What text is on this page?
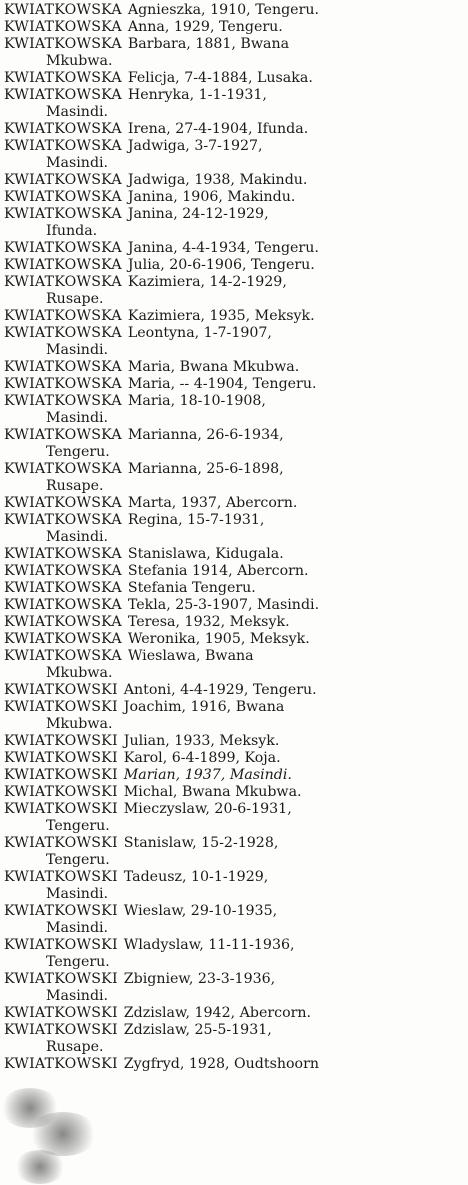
KWIATKOWSKA Agnieszka, 1910, Tengeru.
KWIATKOWSKA Anna, 1929, Tengeru.
KWIATKOWSKA Barbara, 1881, Bwana
Mkubwa.
KWIATKOWSKA Felicja, 7-4-1884, Lusaka.
KWIATKOWSKA Henryka, 1-1-1931,
Masindi.
KWIATKOWSKA Irena, 27-4-1904, Ifunda.
KWIATKOWSKA Jadwiga, 3-7-1927,
Masindi.
KWIATKOWSKA Jadwiga, 1938, Makindu.
KWIATKOWSKA Janina, 1906, Makindu.
KWIATKOWSKA Janina, 24-12-1929,
Ifunda.
KWIATKOWSKA Janina, 4-4-1934, Tengeru.
KWIATKOWSKA Julia, 20-6-1906, Tengeru.
KWIATKOWSKA Kazimiera, 14-2-1929,
Rusape.
KWIATKOWSKA Kazimiera, 1935, Meksyk.
KWIATKOWSKA Leontyna, 1-7-1907,
Masindi.
KWIATKOWSKA Maria, Bwana Mkubwa.
KWIATKOWSKA Maria, -- 4-1904, Tengeru.
KWIATKOWSKA Maria, 18-10-1908,
Masindi.
KWIATKOWSKA Marianna, 26-6-1934,
Tengeru.
KWIATKOWSKA Marianna, 25-6-1898,
Rusape.
KWIATKOWSKA Marta, 1937, Abercorn.
KWIATKOWSKA Regina, 15-7-1931,
Masindi.
KWIATKOWSKA Stanislawa, Kidugala.
KWIATKOWSKA Stefania 1914, Abercorn.
KWIATKOWSKA Stefania Tengeru.
KWIATKOWSKA Tekla, 25-3-1907, Masindi.
KWIATKOWSKA Teresa, 1932, Meksyk.
KWIATKOWSKA Weronika, 1905, Meksyk.
KWIATKOWSKA Wieslawa, Bwana
Mkubwa.
KWIATKOWSKI Antoni, 4-4-1929, Tengeru.
KWIATKOWSKI Joachim, 1916, Bwana
Mkubwa.
KWIATKOWSKI Julian, 1933, Meksyk.
KWIATKOWSKI Karol, 6-4-1899, Koja.
KWIATKOWSKI Marian, 1937, Masindi.
KWIATKOWSKI Michal, Bwana Mkubwa.
KWIATKOWSKI Mieczyslaw, 20-6-1931,
Tengeru.
KWIATKOWSKI Stanislaw, 15-2-1928,
Tengeru.
KWIATKOWSKI Tadeusz, 10-1-1929,
Masindi.
KWIATKOWSKI Wieslaw, 29-10-1935,
Masindi.
KWIATKOWSKI Wladyslaw, 11-11-1936,
Tengeru.
KWIATKOWSKI Zbigniew, 23-3-1936,
Masindi.
KWIATKOWSKI Zdzislaw, 1942, Abercorn.
KWIATKOWSKI Zdzislaw, 25-5-1931,
Rusape.
KWIATKOWSKI Zygfryd, 1928, Oudtshoorn
